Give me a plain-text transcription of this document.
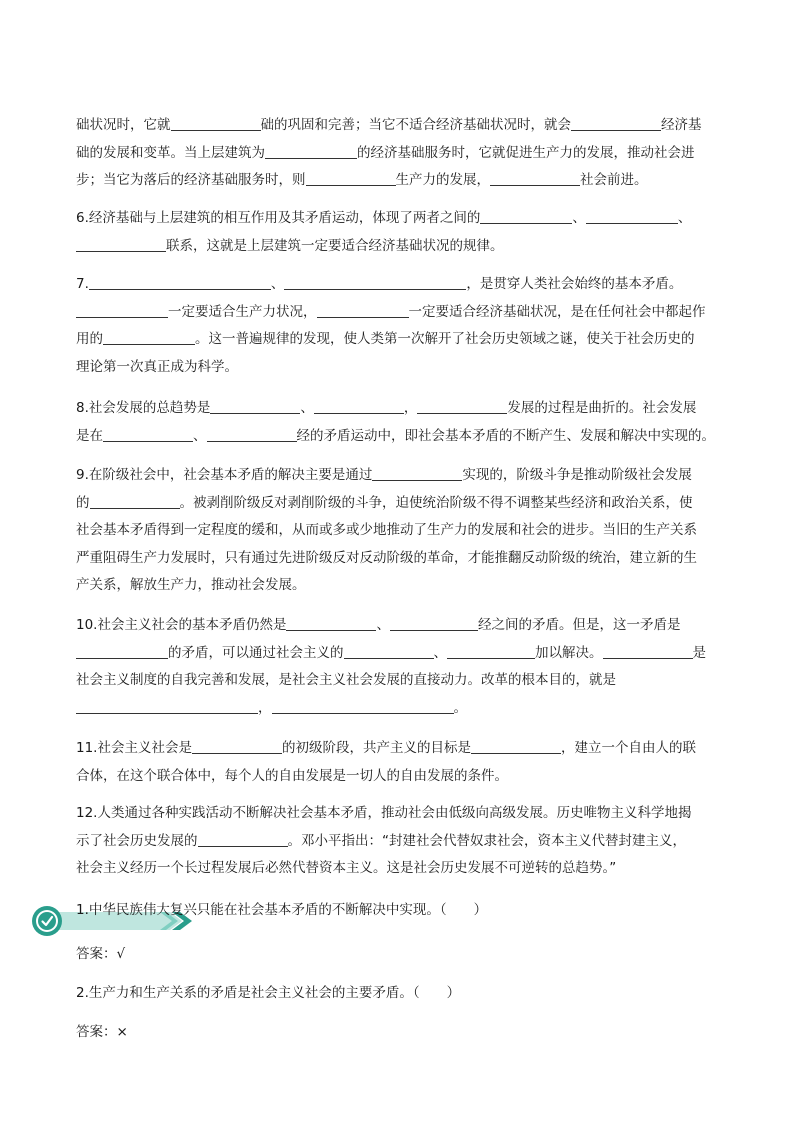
础状况时，它就	础的巩固和完善；当它不适合经济基础状况时，就会	经济基

础的发展和变革。当上层建筑为	的经济基础服务时，它就促进生产力的发展，推动社会进

步；当它为落后的经济基础服务时，则	生产力的发展，	社会前进。

6.经济基础与上层建筑的相互作用及其矛盾运动，体现了两者之间的	、	、

联系，这就是上层建筑一定要适合经济基础状况的规律。

7.	、	，是贯穿人类社会始终的基本矛盾。

一定要适合生产力状况，	一定要适合经济基础状况，是在任何社会中都起作

用的	。这一普遍规律的发现，使人类第一次解开了社会历史领域之谜，使关于社会历史的

理论第一次真正成为科学。

8.社会发展的总趋势是	、	，	发展的过程是曲折的。社会发展

是在	、	经的矛盾运动中，即社会基本矛盾的不断产生、发展和解决中实现的。

9.在阶级社会中，社会基本矛盾的解决主要是通过	实现的，阶级斗争是推动阶级社会发展

的	。被剥削阶级反对剥削阶级的斗争，迫使统治阶级不得不调整某些经济和政治关系，使

社会基本矛盾得到一定程度的缓和，从而或多或少地推动了生产力的发展和社会的进步。当旧的生产关系

严重阻碍生产力发展时，只有通过先进阶级反对反动阶级的革命，才能推翻反动阶级的统治，建立新的生

产关系，解放生产力，推动社会发展。

10.社会主义社会的基本矛盾仍然是	、	经之间的矛盾。但是，这一矛盾是

的矛盾，可以通过社会主义的	、	加以解决。	是

社会主义制度的自我完善和发展，是社会主义社会发展的直接动力。改革的根本目的，就是

，	。

11.社会主义社会是	的初级阶段，共产主义的目标是	，建立一个自由人的联

合体，在这个联合体中，每个人的自由发展是一切人的自由发展的条件。

12.人类通过各种实践活动不断解决社会基本矛盾，推动社会由低级向高级发展。历史唯物主义科学地揭

示了社会历史发展的	。邓小平指出：“封建社会代替奴隶社会，资本主义代替封建主义，

社会主义经历一个长过程发展后必然代替资本主义。这是社会历史发展不可逆转的总趋势。”

1.中华民族伟大复兴只能在社会基本矛盾的不断解决中实现。（　　）

答案：√

2.生产力和生产关系的矛盾是社会主义社会的主要矛盾。（　　）

答案：×
